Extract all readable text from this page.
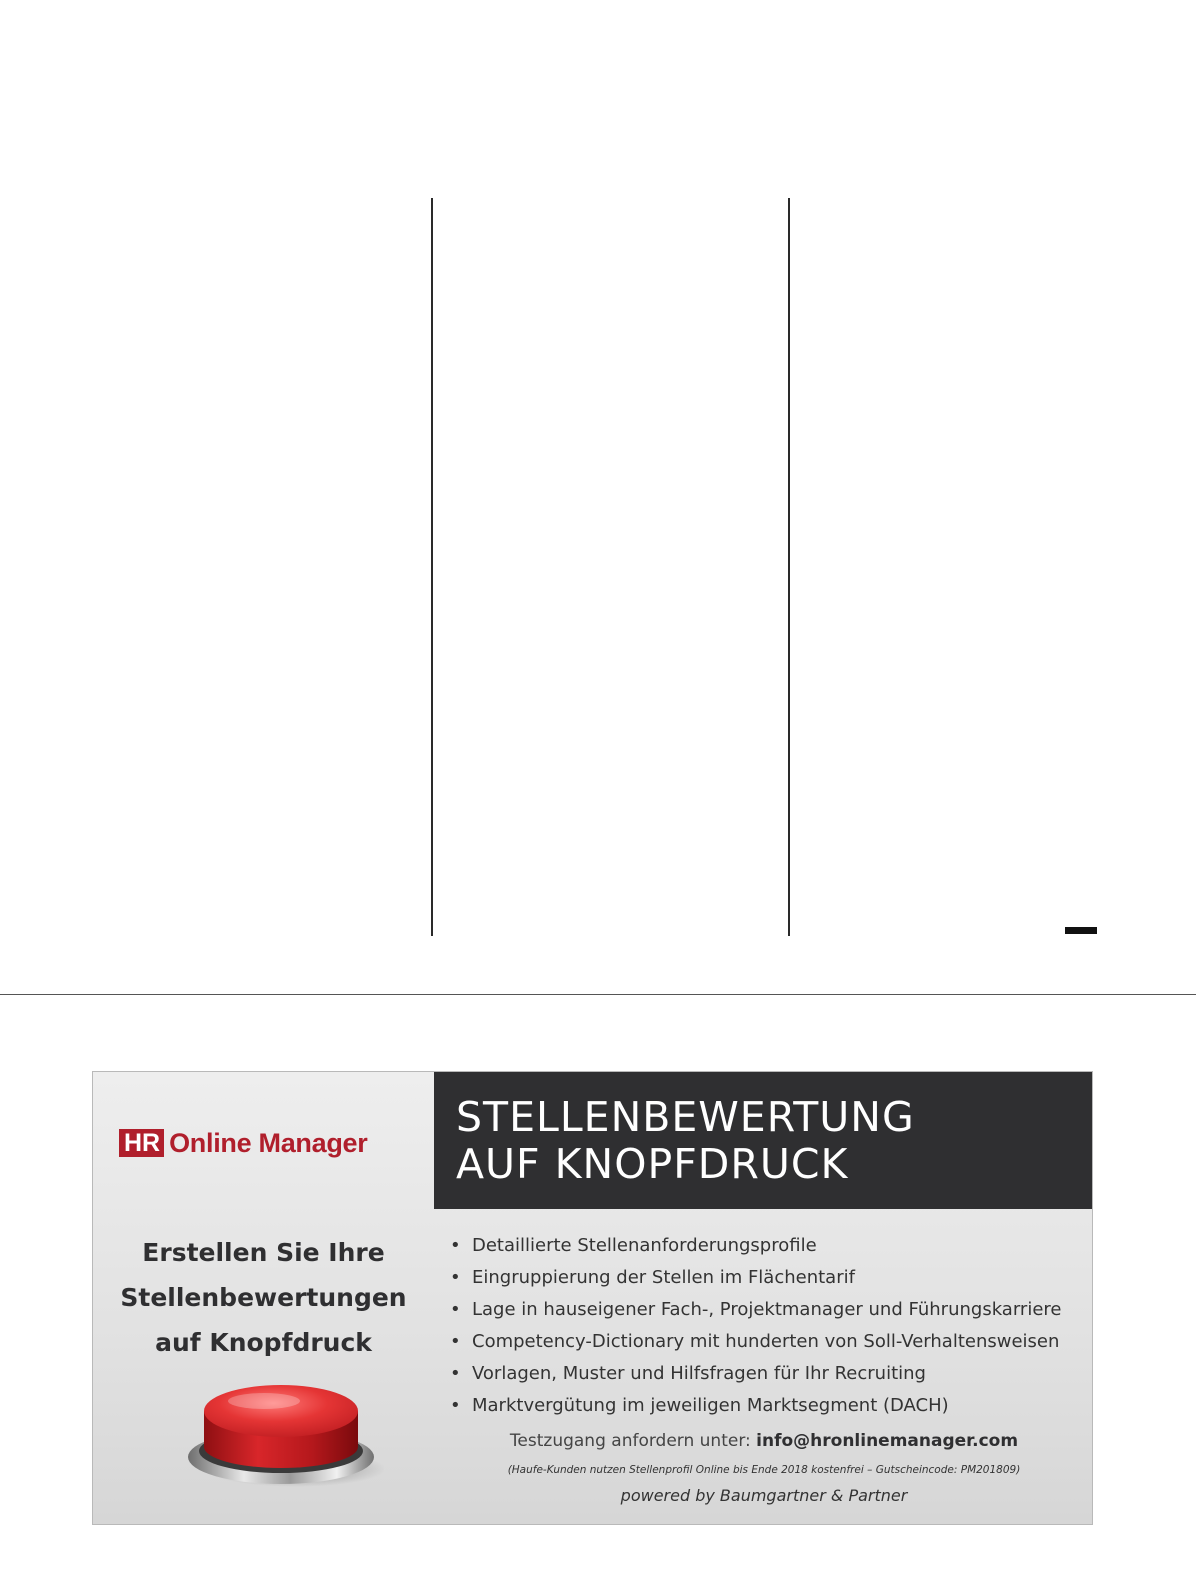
HR Online Manager
STELLENBEWERTUNG
AUF KNOPFDRUCK

Erstellen Sie Ihre
Stellenbewertungen
auf Knopfdruck

• Detaillierte Stellenanforderungsprofile
• Eingruppierung der Stellen im Flächentarif
• Lage in hauseigener Fach-, Projektmanager und Führungskarriere
• Competency-Dictionary mit hunderten von Soll-Verhaltensweisen
• Vorlagen, Muster und Hilfsfragen für Ihr Recruiting
• Marktvergütung im jeweiligen Marktsegment (DACH)
Testzugang anfordern unter: info@hronlinemanager.com
(Haufe-Kunden nutzen Stellenprofil Online bis Ende 2018 kostenfrei – Gutscheincode: PM201809)
powered by Baumgartner & Partner
